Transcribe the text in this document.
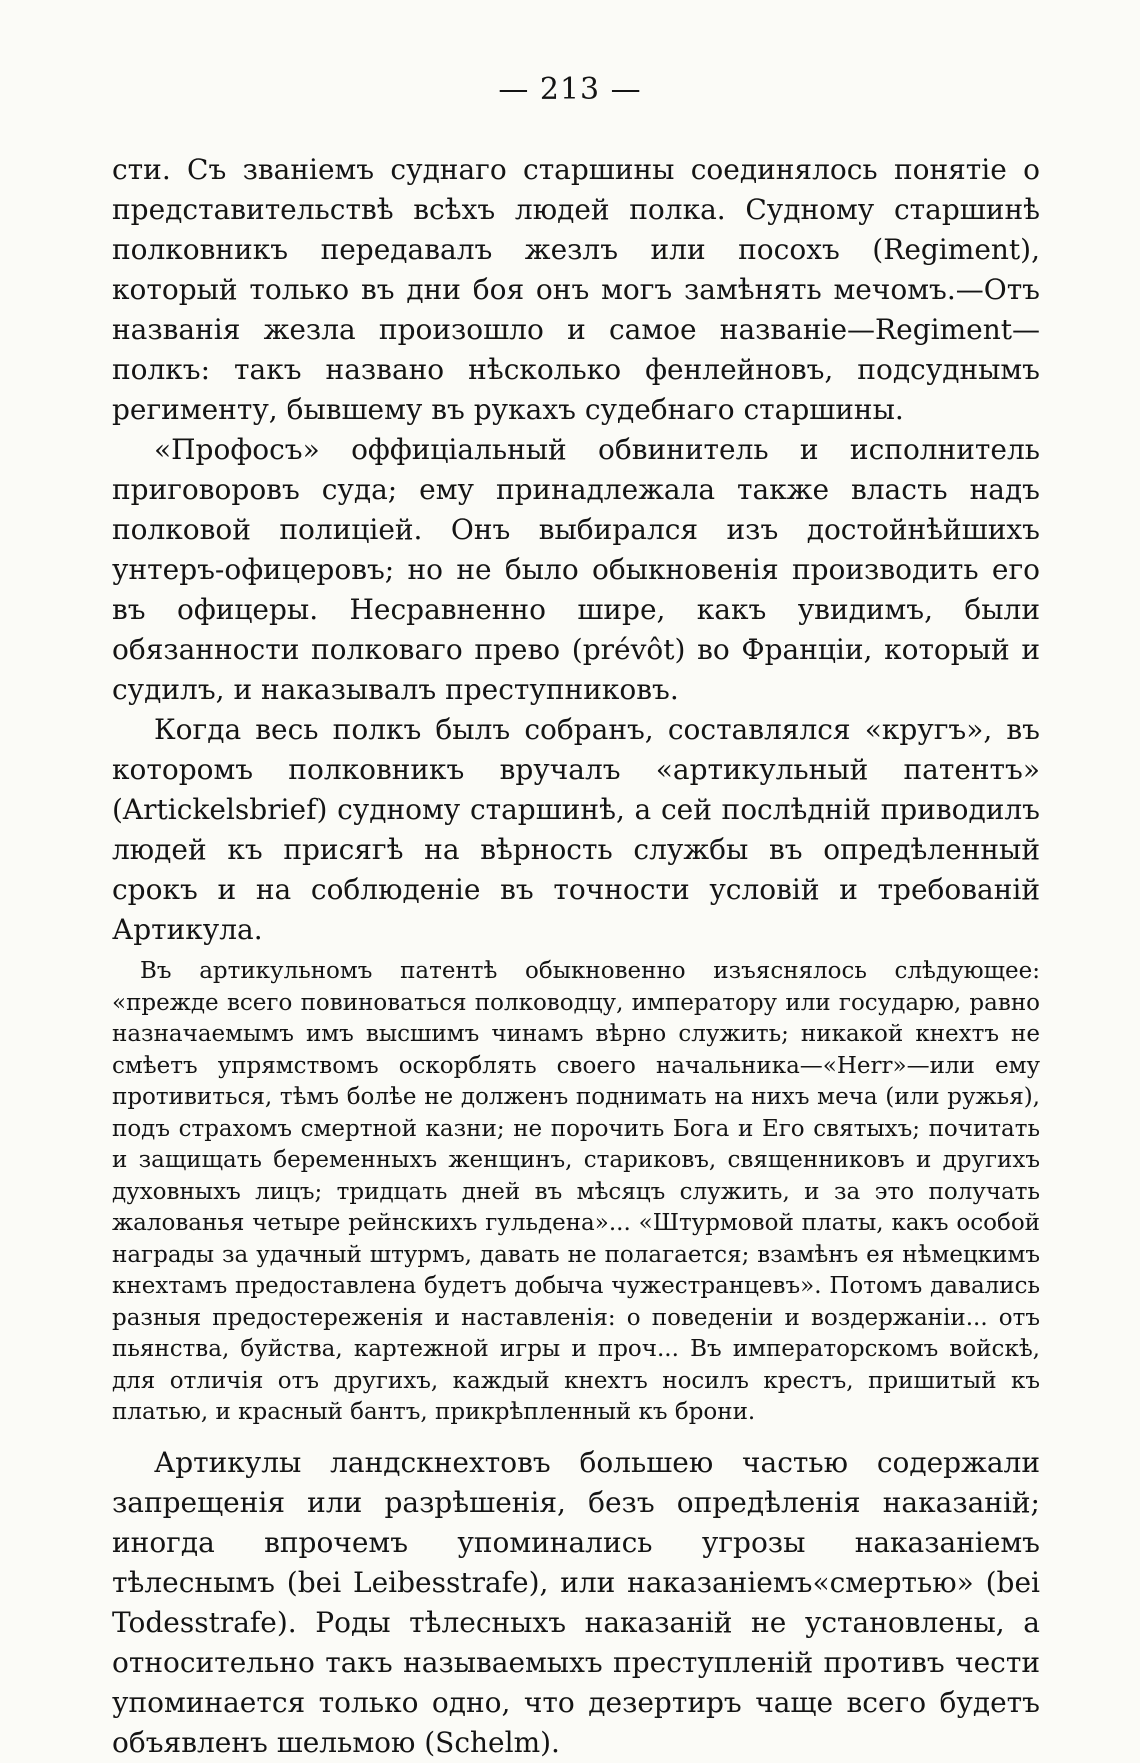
— 213 —

сти. Съ званіемъ суднаго старшины соединялось понятіе о представительствѣ всѣхъ людей полка. Судному старшинѣ полковникъ передавалъ жезлъ или посохъ (Regiment), который только въ дни боя онъ могъ замѣнять мечомъ.—Отъ названія жезла произошло и самое названіе—Regiment—полкъ: такъ названо нѣсколько фенлейновъ, подсуднымъ регименту, бывшему въ рукахъ судебнаго старшины.

«Профосъ» оффиціальный обвинитель и исполнитель приговоровъ суда; ему принадлежала также власть надъ полковой полиціей. Онъ выбирался изъ достойнѣйшихъ унтеръ-офицеровъ; но не было обыкновенія производить его въ офицеры. Несравненно шире, какъ увидимъ, были обязанности полковаго прево (prévôt) во Франціи, который и судилъ, и наказывалъ преступниковъ.

Когда весь полкъ былъ собранъ, составлялся «кругъ», въ которомъ полковникъ вручалъ «артикульный патентъ» (Artickelsbrief) судному старшинѣ, а сей послѣдній приводилъ людей къ присягѣ на вѣрность службы въ опредѣленный срокъ и на соблюденіе въ точности условій и требованій Артикула.

Въ артикульномъ патентѣ обыкновенно изъяснялось слѣдующее: «прежде всего повиноваться полководцу, императору или государю, равно назначаемымъ имъ высшимъ чинамъ вѣрно служить; никакой кнехтъ не смѣетъ упрямствомъ оскорблять своего начальника—«Herr»—или ему противиться, тѣмъ болѣе не долженъ поднимать на нихъ меча (или ружья), подъ страхомъ смертной казни; не порочить Бога и Его святыхъ; почитать и защищать беременныхъ женщинъ, стариковъ, священниковъ и другихъ духовныхъ лицъ; тридцать дней въ мѣсяцъ служить, и за это получать жалованья четыре рейнскихъ гульдена»... «Штурмовой платы, какъ особой награды за удачный штурмъ, давать не полагается; взамѣнъ ея нѣмецкимъ кнехтамъ предоставлена будетъ добыча чужестранцевъ». Потомъ давались разныя предостереженія и наставленія: о поведеніи и воздержаніи... отъ пьянства, буйства, картежной игры и проч... Въ императорскомъ войскѣ, для отличія отъ другихъ, каждый кнехтъ носилъ крестъ, пришитый къ платью, и красный бантъ, прикрѣпленный къ брони.

Артикулы ландскнехтовъ большею частью содержали запрещенія или разрѣшенія, безъ опредѣленія наказаній; иногда впрочемъ упоминались угрозы наказаніемъ тѣлеснымъ (bei Leibesstrafe), или наказаніемъ«смертью» (bei Todesstrafe). Роды тѣлесныхъ наказаній не установлены, а относительно такъ называемыхъ преступленій противъ чести упоминается только одно, что дезертиръ чаще всего будетъ объявленъ шельмою (Schelm).
